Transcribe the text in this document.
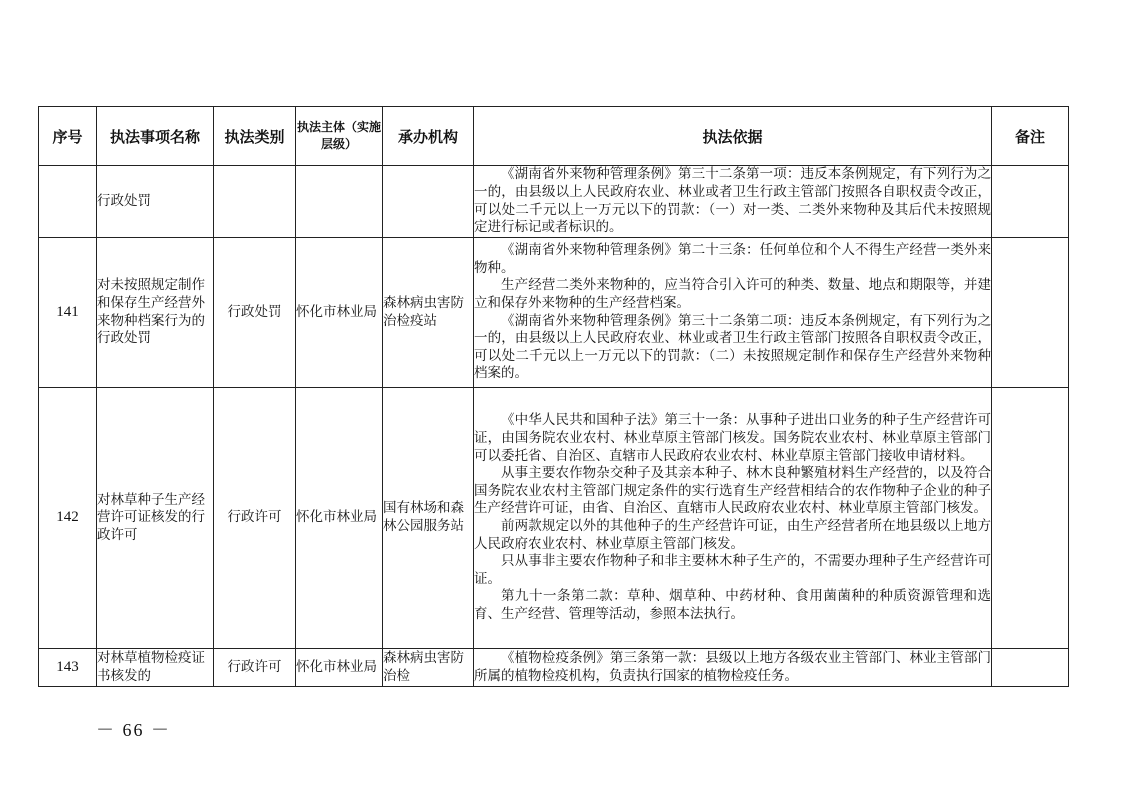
序号	执法事项名称	执法类别	执法主体（实施层级）	承办机构	执法依据	备注
	行政处罚				《湖南省外来物种管理条例》第三十二条第一项：违反本条例规定，有下列行为之一的，由县级以上人民政府农业、林业或者卫生行政主管部门按照各自职权责令改正，可以处二千元以上一万元以下的罚款：（一）对一类、二类外来物种及其后代未按照规定进行标记或者标识的。	

141	对未按照规定制作和保存生产经营外来物种档案行为的行政处罚	行政处罚	怀化市林业局	森林病虫害防治检疫站	《湖南省外来物种管理条例》第二十三条：任何单位和个人不得生产经营一类外来物种。

生产经营二类外来物种的，应当符合引入许可的种类、数量、地点和期限等，并建立和保存外来物种的生产经营档案。

《湖南省外来物种管理条例》第三十二条第二项：违反本条例规定，有下列行为之一的，由县级以上人民政府农业、林业或者卫生行政主管部门按照各自职权责令改正，可以处二千元以上一万元以下的罚款：（二）未按照规定制作和保存生产经营外来物种档案的。	

142	对林草种子生产经营许可证核发的行政许可	行政许可	怀化市林业局	国有林场和森林公园服务站	《中华人民共和国种子法》第三十一条：从事种子进出口业务的种子生产经营许可证，由国务院农业农村、林业草原主管部门核发。国务院农业农村、林业草原主管部门可以委托省、自治区、直辖市人民政府农业农村、林业草原主管部门接收申请材料。

从事主要农作物杂交种子及其亲本种子、林木良种繁殖材料生产经营的，以及符合国务院农业农村主管部门规定条件的实行选育生产经营相结合的农作物种子企业的种子生产经营许可证，由省、自治区、直辖市人民政府农业农村、林业草原主管部门核发。

前两款规定以外的其他种子的生产经营许可证，由生产经营者所在地县级以上地方人民政府农业农村、林业草原主管部门核发。

只从事非主要农作物种子和非主要林木种子生产的，不需要办理种子生产经营许可证。

第九十一条第二款：草种、烟草种、中药材种、食用菌菌种的种质资源管理和选育、生产经营、管理等活动，参照本法执行。	

143	对林草植物检疫证书核发的	行政许可	怀化市林业局	森林病虫害防治检	《植物检疫条例》第三条第一款：县级以上地方各级农业主管部门、林业主管部门所属的植物检疫机构，负责执行国家的植物检疫任务。	

－ 66 －
